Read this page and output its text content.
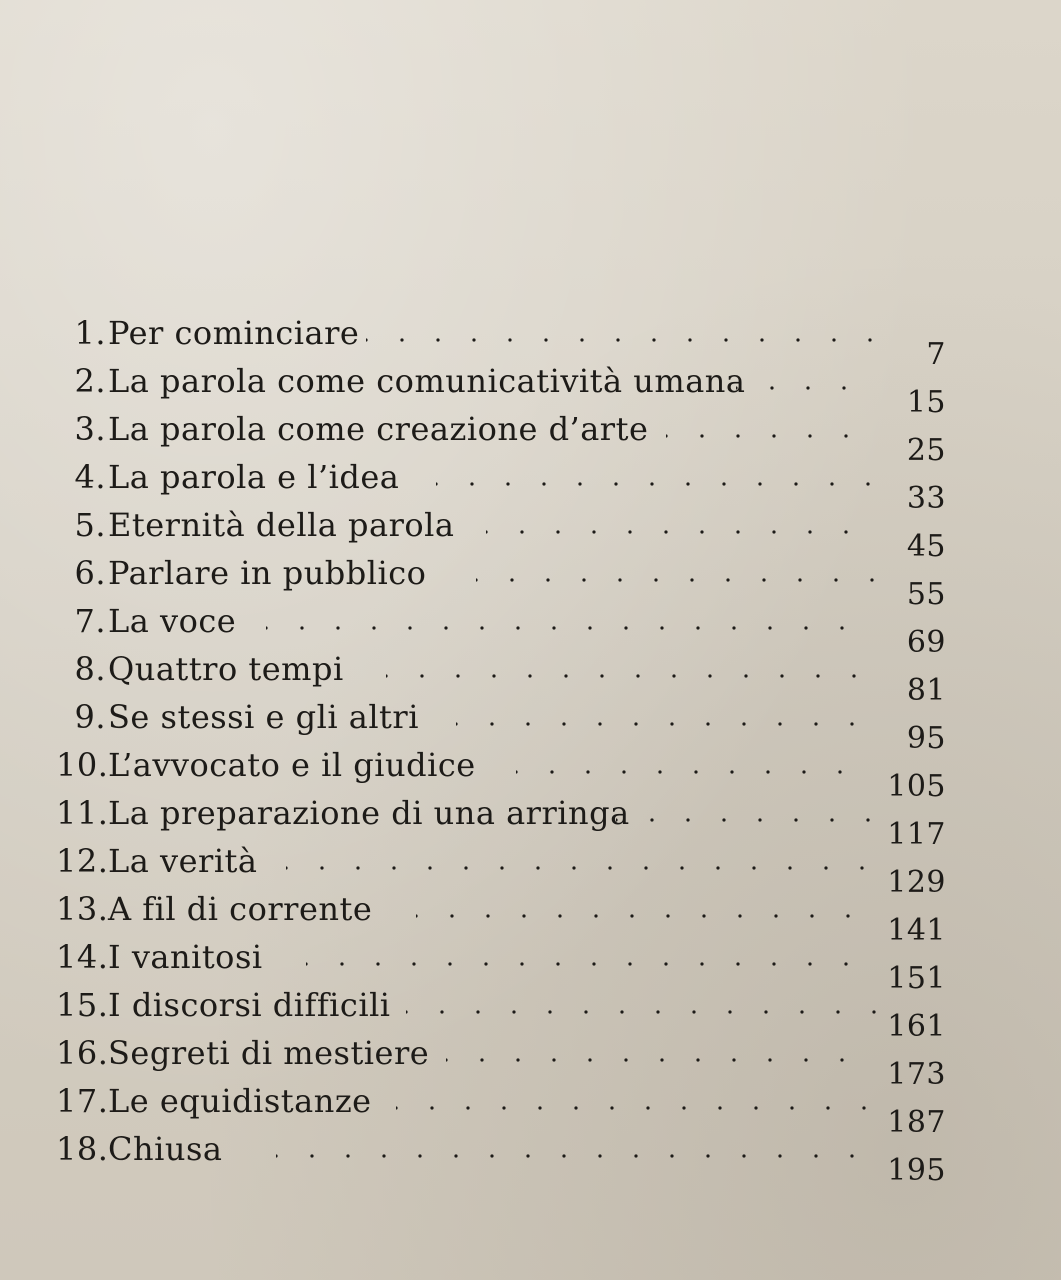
1. Per cominciare
7
2. La parola come comunicatività umana
15
3. La parola come creazione d’arte
25
4. La parola e l’idea
33
5. Eternità della parola
45
6. Parlare in pubblico
55
7. La voce
69
8. Quattro tempi
81
9. Se stessi e gli altri
95
10. L’avvocato e il giudice
105
11. La preparazione di una arringa
117
12. La verità
129
13. A fil di corrente
141
14. I vanitosi
151
15. I discorsi difficili
161
16. Segreti di mestiere
173
17. Le equidistanze
187
18. Chiusa
195
